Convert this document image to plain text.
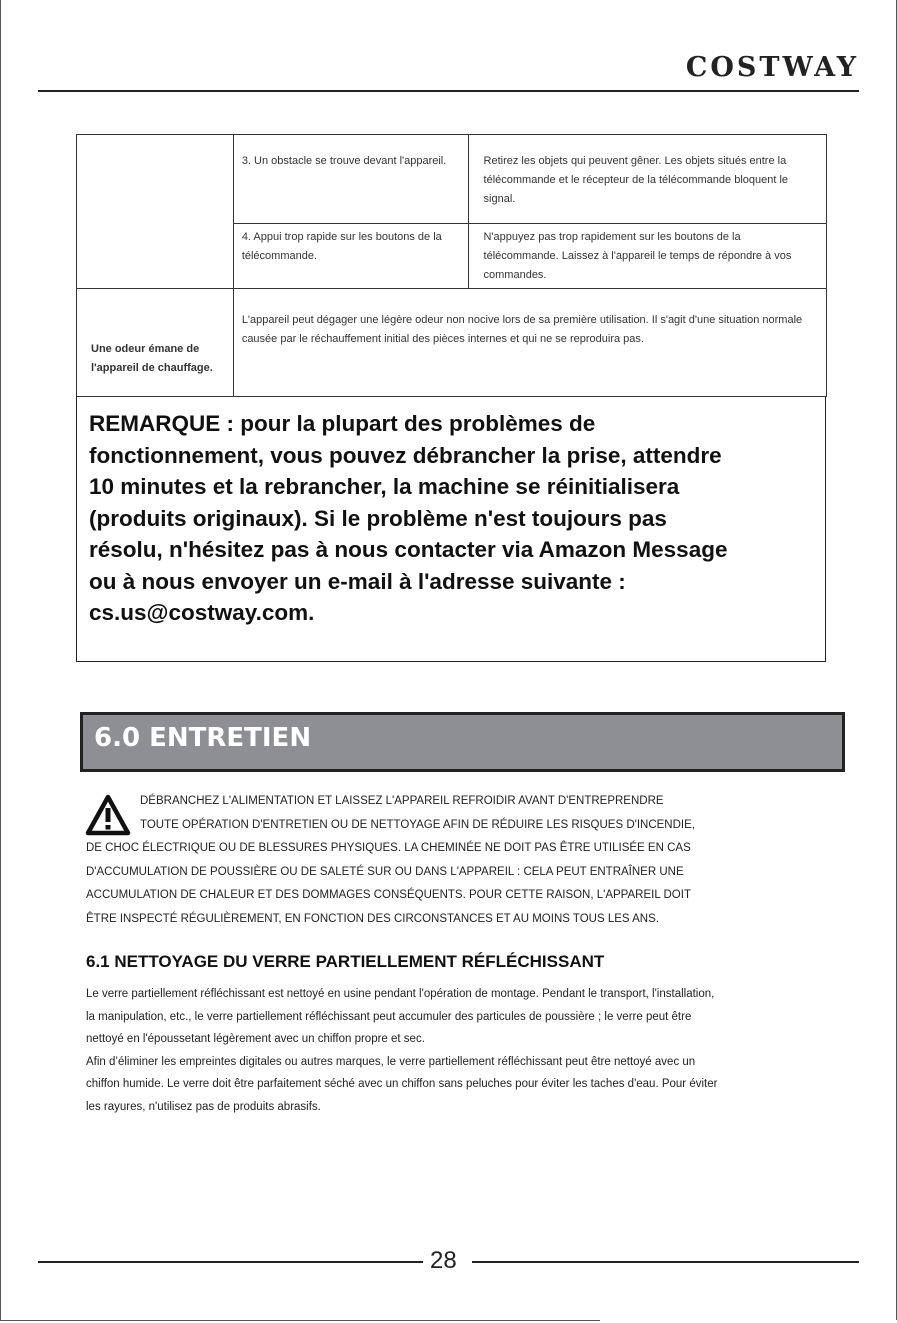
COSTWAY
	3. Un obstacle se trouve devant l'appareil.	Retirez les objets qui peuvent gêner. Les objets situés entre la télécommande et le récepteur de la télécommande bloquent le signal.
	4. Appui trop rapide sur les boutons de la télécommande.	N'appuyez pas trop rapidement sur les boutons de la télécommande. Laissez à l'appareil le temps de répondre à vos commandes.
Une odeur émane de l'appareil de chauffage.	L'appareil peut dégager une légère odeur non nocive lors de sa première utilisation. Il s'agit d'une situation normale causée par le réchauffement initial des pièces internes et qui ne se reproduira pas.	

REMARQUE : pour la plupart des problèmes de
fonctionnement, vous pouvez débrancher la prise, attendre
10 minutes et la rebrancher, la machine se réinitialisera
(produits originaux). Si le problème n'est toujours pas
résolu, n'hésitez pas à nous contacter via Amazon Message
ou à nous envoyer un e-mail à l'adresse suivante :
cs.us@costway.com.

6.0 ENTRETIEN
DÉBRANCHEZ L'ALIMENTATION ET LAISSEZ L'APPAREIL REFROIDIR AVANT D'ENTREPRENDRE
TOUTE OPÉRATION D'ENTRETIEN OU DE NETTOYAGE AFIN DE RÉDUIRE LES RISQUES D'INCENDIE,
DE CHOC ÉLECTRIQUE OU DE BLESSURES PHYSIQUES. LA CHEMINÉE NE DOIT PAS ÊTRE UTILISÉE EN CAS
D'ACCUMULATION DE POUSSIÈRE OU DE SALETÉ SUR OU DANS L'APPAREIL : CELA PEUT ENTRAÎNER UNE
ACCUMULATION DE CHALEUR ET DES DOMMAGES CONSÉQUENTS. POUR CETTE RAISON, L'APPAREIL DOIT
ÊTRE INSPECTÉ RÉGULIÈREMENT, EN FONCTION DES CIRCONSTANCES ET AU MOINS TOUS LES ANS.
6.1 NETTOYAGE DU VERRE PARTIELLEMENT RÉFLÉCHISSANT
Le verre partiellement réfléchissant est nettoyé en usine pendant l'opération de montage. Pendant le transport, l'installation,
la manipulation, etc., le verre partiellement réfléchissant peut accumuler des particules de poussière ; le verre peut être
nettoyé en l'époussetant légèrement avec un chiffon propre et sec.
Afin d’éliminer les empreintes digitales ou autres marques, le verre partiellement réfléchissant peut être nettoyé avec un
chiffon humide. Le verre doit être parfaitement séché avec un chiffon sans peluches pour éviter les taches d'eau. Pour éviter
les rayures, n'utilisez pas de produits abrasifs.
28
